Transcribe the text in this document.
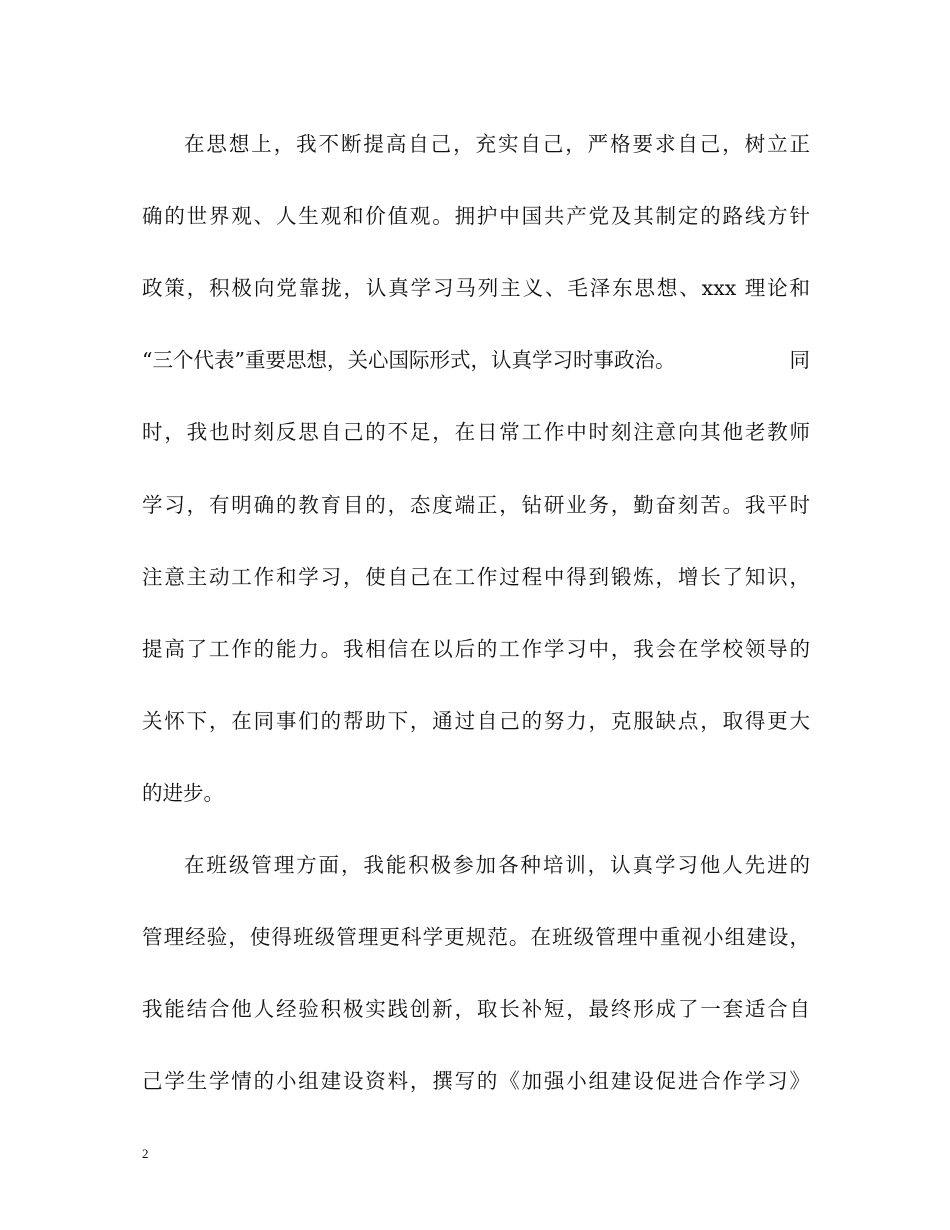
在思想上，我不断提高自己，充实自己，严格要求自己，树立正
确的世界观、人生观和价值观。拥护中国共产党及其制定的路线方针
政策，积极向党靠拢，认真学习马列主义、毛泽东思想、xxx 理论和
“三个代表”重要思想，关心国际形式，认真学习时事政治。	同
时，我也时刻反思自己的不足，在日常工作中时刻注意向其他老教师
学习，有明确的教育目的，态度端正，钻研业务，勤奋刻苦。我平时
注意主动工作和学习，使自己在工作过程中得到锻炼，增长了知识，
提高了工作的能力。我相信在以后的工作学习中，我会在学校领导的
关怀下，在同事们的帮助下，通过自己的努力，克服缺点，取得更大
的进步。
在班级管理方面，我能积极参加各种培训，认真学习他人先进的
管理经验，使得班级管理更科学更规范。在班级管理中重视小组建设，
我能结合他人经验积极实践创新，取长补短，最终形成了一套适合自
己学生学情的小组建设资料，撰写的《加强小组建设促进合作学习》
2
